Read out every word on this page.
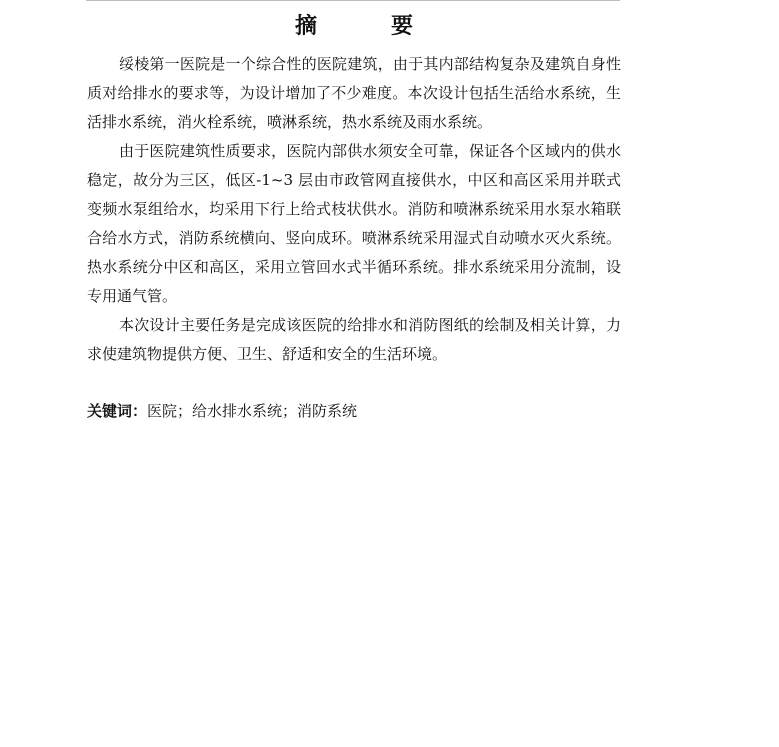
摘　要

绥棱第一医院是一个综合性的医院建筑，由于其内部结构复杂及建筑自身性质对给排水的要求等，为设计增加了不少难度。本次设计包括生活给水系统，生活排水系统，消火栓系统，喷淋系统，热水系统及雨水系统。

由于医院建筑性质要求，医院内部供水须安全可靠，保证各个区域内的供水稳定，故分为三区，低区-1~3 层由市政管网直接供水，中区和高区采用并联式变频水泵组给水，均采用下行上给式枝状供水。消防和喷淋系统采用水泵水箱联合给水方式，消防系统横向、竖向成环。喷淋系统采用湿式自动喷水灭火系统。热水系统分中区和高区，采用立管回水式半循环系统。排水系统采用分流制，设专用通气管。

本次设计主要任务是完成该医院的给排水和消防图纸的绘制及相关计算，力求使建筑物提供方便、卫生、舒适和安全的生活环境。

关键词：医院；给水排水系统；消防系统
